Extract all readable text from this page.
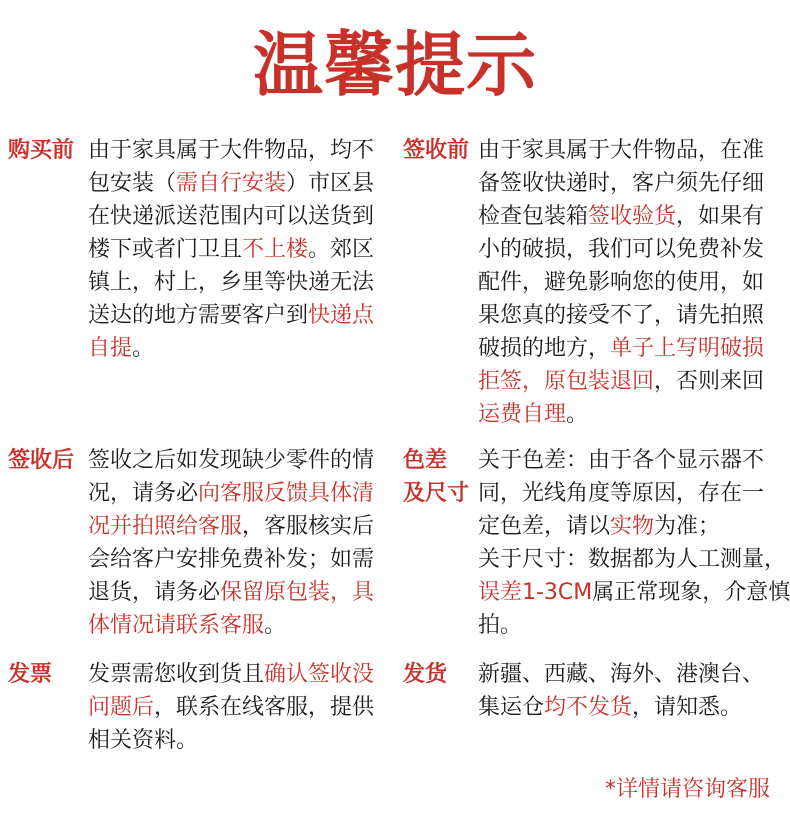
温馨提示
购买前 由于家具属于大件物品，均不
包安装（需自行安装）市区县
在快递派送范围内可以送货到
楼下或者门卫且不上楼。郊区
镇上，村上，乡里等快递无法
送达的地方需要客户到快递点
自提。
签收前 由于家具属于大件物品，在准
备签收快递时，客户须先仔细
检查包装箱签收验货，如果有
小的破损，我们可以免费补发
配件，避免影响您的使用，如
果您真的接受不了，请先拍照
破损的地方，单子上写明破损
拒签，原包装退回，否则来回
运费自理。
签收后 签收之后如发现缺少零件的情
况，请务必向客服反馈具体清
况并拍照给客服，客服核实后
会给客户安排免费补发；如需
退货，请务必保留原包装，具
体情况请联系客服。
色差
及尺寸
关于色差：由于各个显示器不
同，光线角度等原因，存在一
定色差，请以实物为准；
关于尺寸：数据都为人工测量，
误差1-3CM属正常现象，介意慎
拍。
发票 发票需您收到货且确认签收没
问题后，联系在线客服，提供
相关资料。
发货 新疆、西藏、海外、港澳台、
集运仓均不发货，请知悉。
*详情请咨询客服
